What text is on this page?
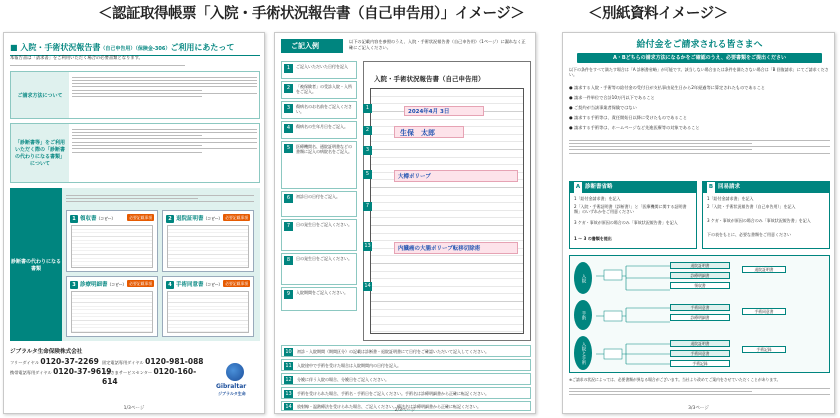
＜認証取得帳票「入院・手術状況報告書（自己申告用）」イメージ＞	＜別紙資料イメージ＞
■ 入院・手術状況報告書（自己申告用）（保険金-306）ご利用にあたって
本報告書は「請求書」をご利用いただく場合の必要書類となります。
ご請求方法について
「診断書等」をご利用いただく際の「診断書の代わりになる書類」について
診断書の代わりになる書類
1 領収書（コピー）	必要記載事項	2 退院証明書（コピー） 必要記載事項
3 診療明細書（コピー） 必要記載事項	4 手術同意書（コピー） 必要記載事項
ジブラルタ生命保険株式会社
フリーダイヤル 0120-37-2269
携帯電話専用ダイヤル 0120-37-9619
固定電話専用ダイヤル 0120-981-088
お客さまサービスセンター 0120-160-614
Gibraltar
ジブラルタ生命
1/3ページ
ご記入例
以下の記載内容を参照のうえ、入院・手術状況報告書（自己申告用）（1ページ）に漏れなく正確にご記入ください。
1	ご記入いただいた日付を記入
2	「被保険者」の受診入院・入所をご記入。
3	傷病名のお名前をご記入ください。
4	傷病名の生年月日をご記入。
5	医療機関名、通院証明書などの書類に記入の病院名をご記入。
6	初診日の日付をご記入。
7	日の発生日をご記入ください。
8	日の発生日をご記入ください。
9	入院期間をご記入ください。
入院・手術状況報告書（自己申告用）
2024年4月 3日
生保　太郎
大樽ポリープ
内臓癌の大腸ポリープ転移切除術
1
2
3
5
7
13
14
10	初診・入院期間（期間区分）の記載は診断書・退院証明書にて日付をご確認いただいて記入してください。
11	入院途中で手術を受けた場合は入院期間内の日付を記入。
12	分娩に伴う入院の場合、分娩日をご記入ください。
13	手術を受けられた場合、手術名・手術日をご記入ください。手術名は診療明細書から正確に転記ください。
14	放射線・温熱療法を受けられた場合、ご記入ください。療法名は診療明細書から正確に転記ください。
2/3ページ
給付金をご請求される皆さまへ
A・Bどちらの請求方法になるかをご確認のうえ、必要書類をご提出ください
以下の条件をすべて満たす場合は「A 診断書省略」が可能です。該当しない場合または条件を満たさない場合は「B 回復請求」にてご請求ください。
● 請求する入院・手術等の給付金の受付日が支払事由発生日から2年経過等に算定されたものであること
● 請求一件単位で合計10万円以下であること
● ご契約が当該事業者保険ではない
● 請求する手術等は、責任開始日以降に受けたものであること
● 請求する手術等は、ホームページなど先進医療等の対象であること
A 診断書省略
1「給付金請求書」を記入
2「入院・手術証明書（診断書）」と「医療機関に関する証明書類」のいずれかをご用意ください
3 ケガ・事故が原因の場合のみ「事故状況報告書」を記入
1 〜 3 の書類を提出
B 回易請求
1「給付金請求書」を記入
2「入院・手術状況報告書（自己申告用）」を記入
3 ケガ・事故が原因の場合のみ「事故状況報告書」を記入
下の表をもとに、必要な書類をご用意ください
入院
手術
入院と手術
退院証明書
診療明細書
領収書
手術同意書
診療明細書
退院証明書
手術同意書
手術記録
退院証明書
手術同意書
手術記録
※ご請求の状況によっては、必要書類が異なる場合がございます。当社より改めてご案内をさせていただくことがあります。
3/3ページ
